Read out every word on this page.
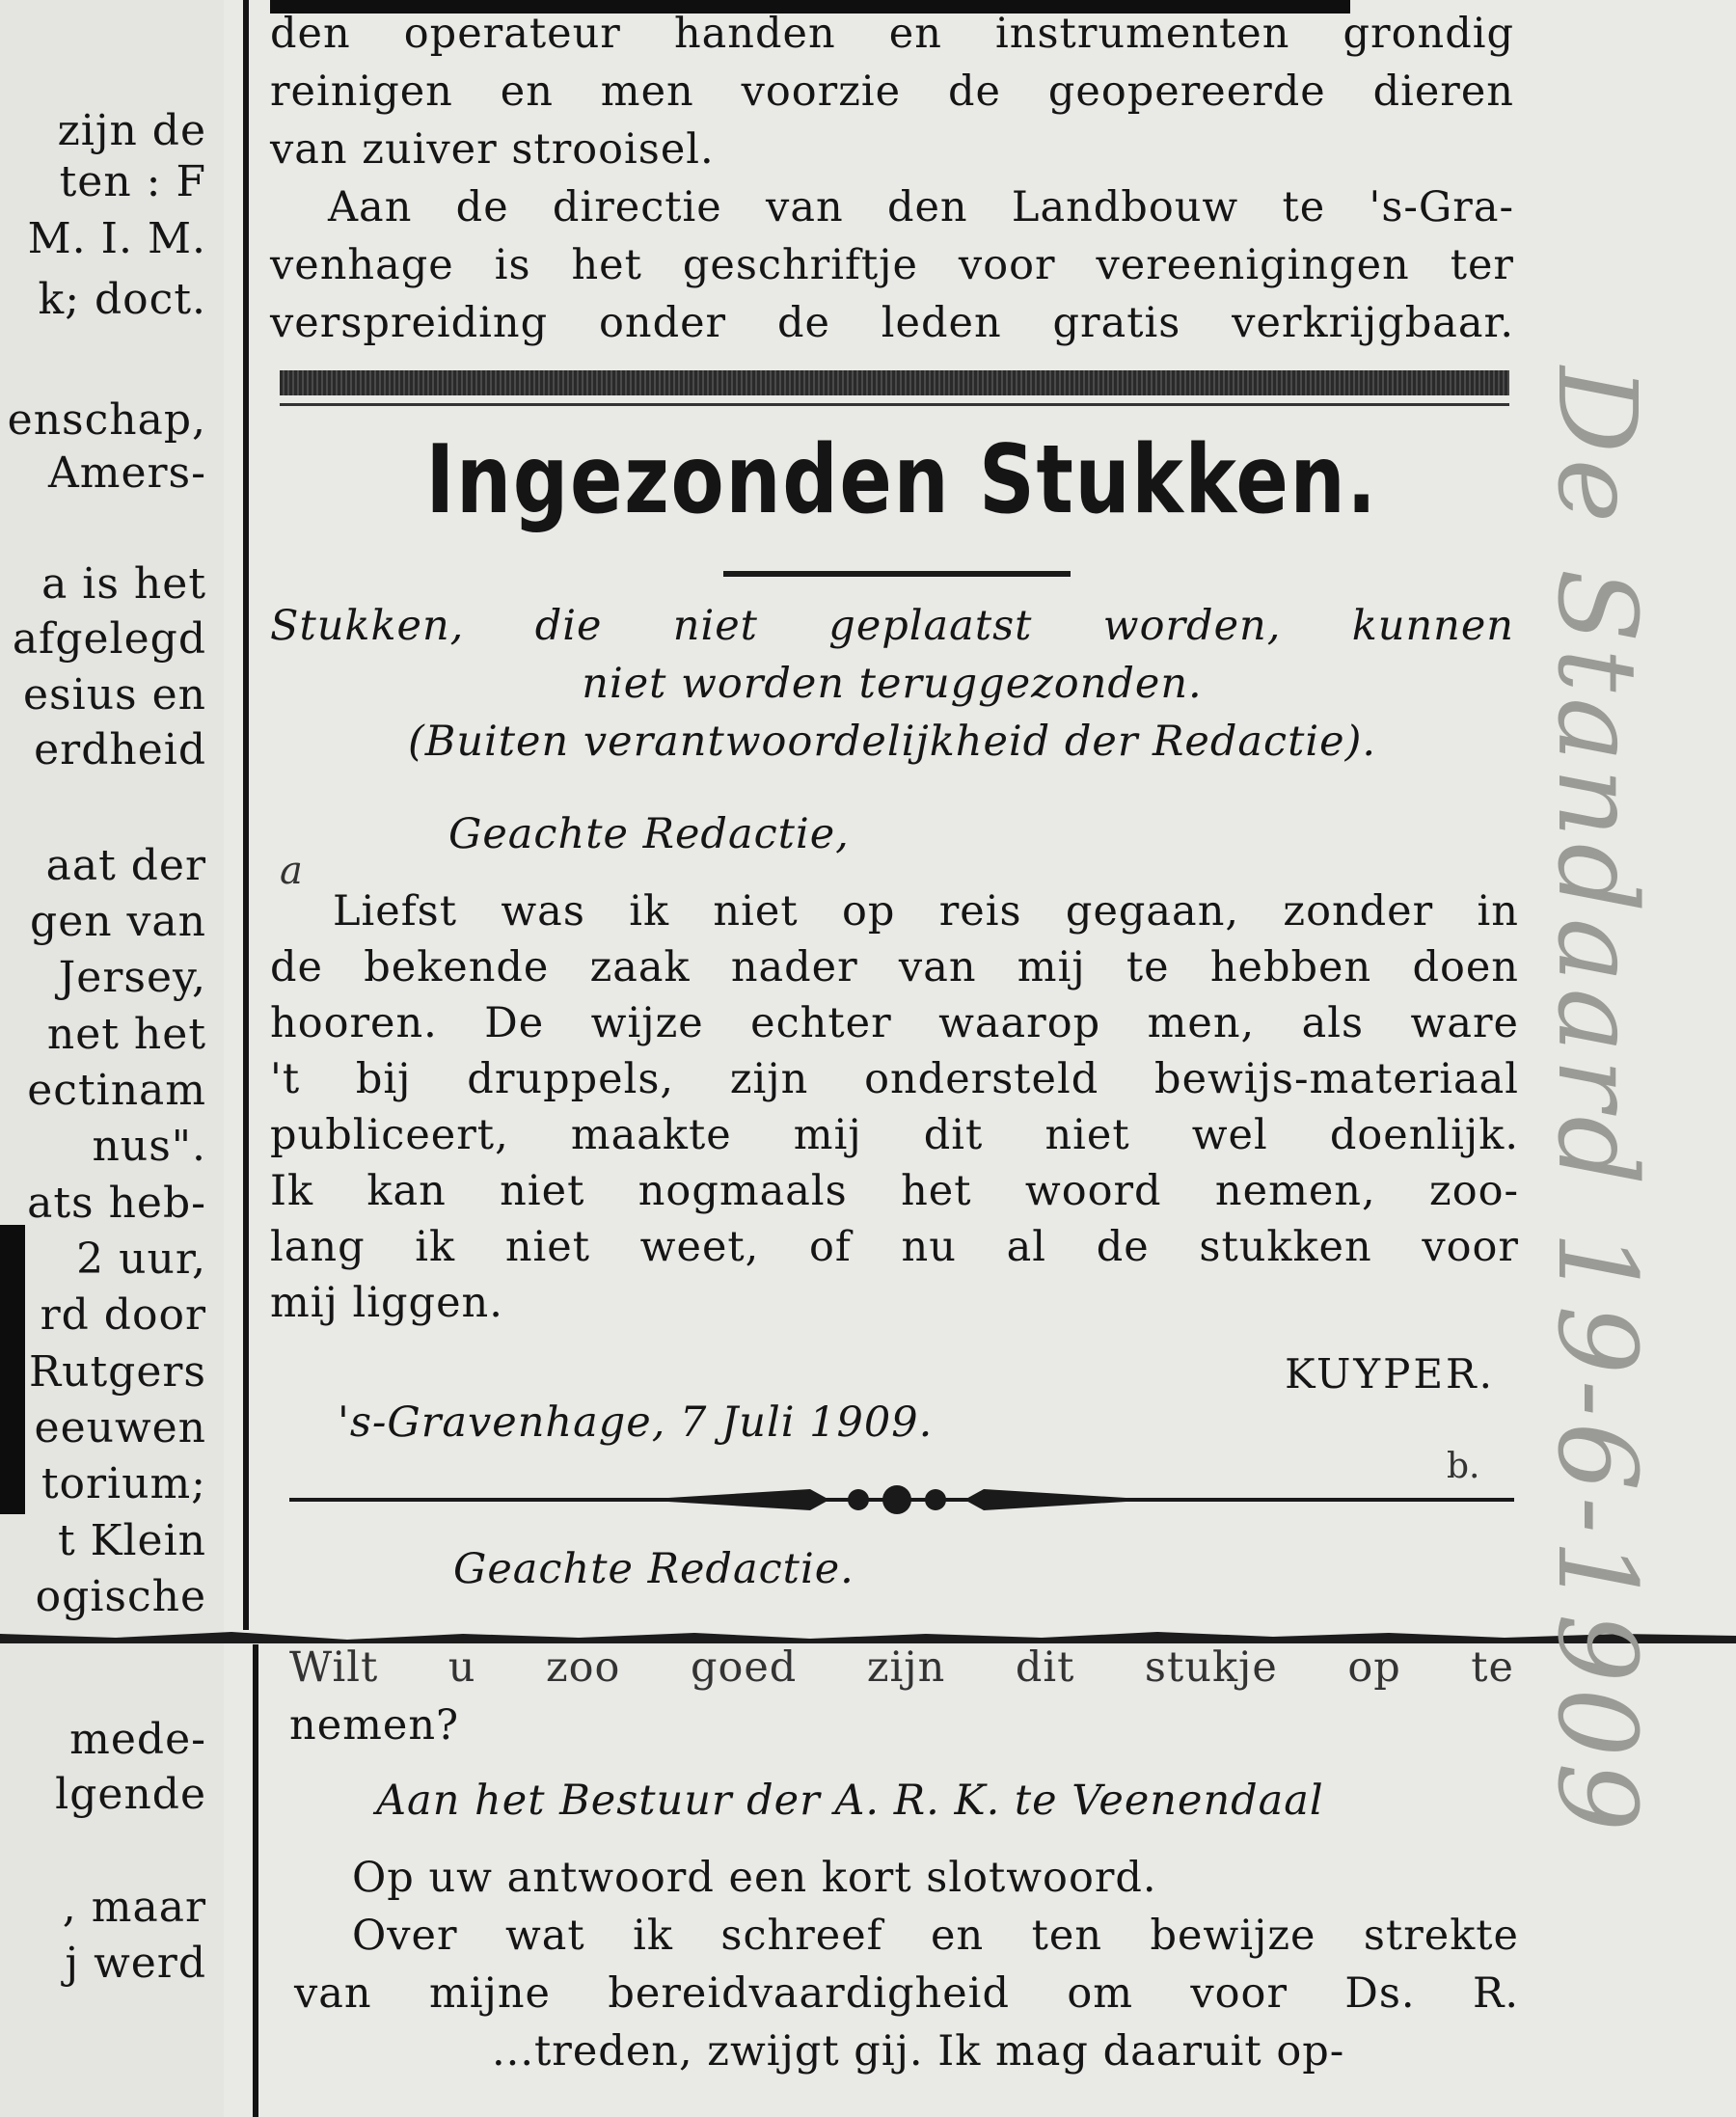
zijn de
ten : F
M. I. M.
k; doct.
enschap,
Amers-
a is het
afgelegd
esius en
erdheid
aat der
gen van
Jersey,
net het
ectinam
nus".
ats heb-
2 uur,
rd door
Rutgers
eeuwen
torium;
t Klein
ogische
mede-
lgende
, maar
j werd
den operateur handen en instrumenten grondig
reinigen en men voorzie de geopereerde dieren
van zuiver strooisel.
Aan de directie van den Landbouw te 's-Gra-
venhage is het geschriftje voor vereenigingen ter
verspreiding onder de leden gratis verkrijgbaar.
Ingezonden Stukken.
Stukken, die niet geplaatst worden, kunnen
niet worden teruggezonden.
(Buiten verantwoordelijkheid der Redactie).
Geachte Redactie,
Liefst was ik niet op reis gegaan, zonder in
de bekende zaak nader van mij te hebben doen
hooren. De wijze echter waarop men, als ware
't bij druppels, zijn ondersteld bewijs-materiaal
publiceert, maakte mij dit niet wel doenlijk.
Ik kan niet nogmaals het woord nemen, zoo-
lang ik niet weet, of nu al de stukken voor
mij liggen.
KUYPER.
's-Gravenhage, 7 Juli 1909.
Geachte Redactie.
Wilt u zoo goed zijn dit stukje op te
nemen?
Aan het Bestuur der A. R. K. te Veenendaal
Op uw antwoord een kort slotwoord.
Over wat ik schreef en ten bewijze strekte
van mijne bereidvaardigheid om voor Ds. R.
...treden, zwijgt gij. Ik mag daaruit op-
a
b. De Standaard 19-6-1909
